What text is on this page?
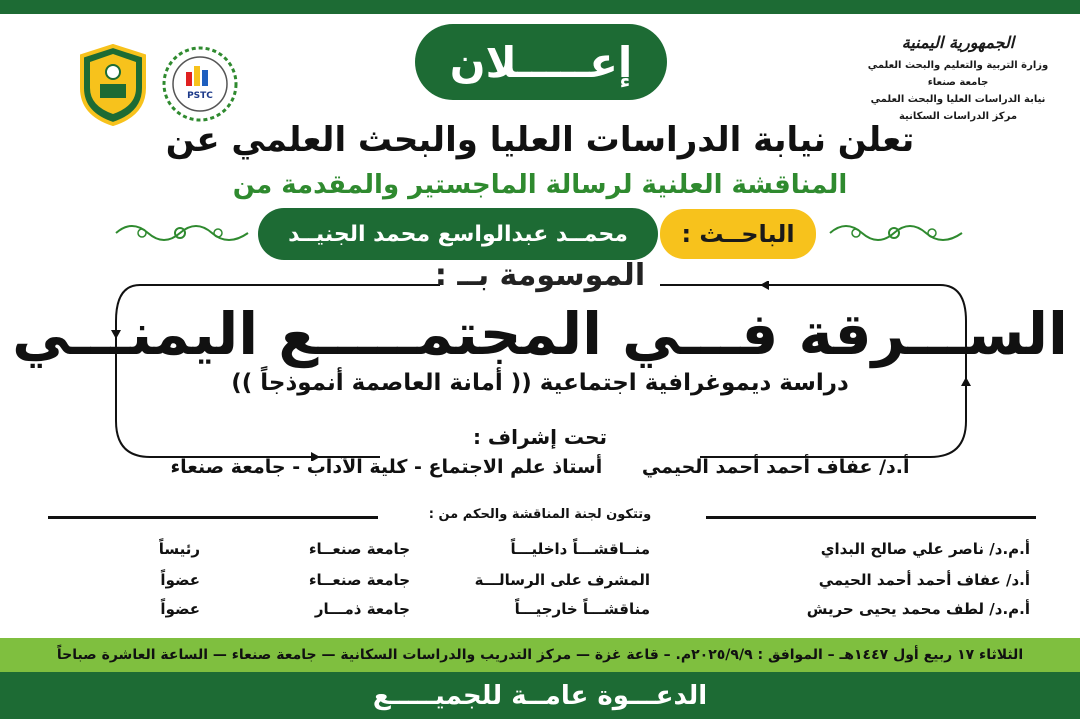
الجمهورية اليمنية
وزارة التربية والتعليم والبحث العلمي
جامعة صنعاء
نيابة الدراسات العليا والبحث العلمي
مركز الدراسات السكانية
PSTC
إعـــــلان
تعلن نيابة الدراسات العليا والبحث العلمي عن
المناقشة العلنية لرسالة الماجستير والمقدمة من
الباحــث :
محمــد عبدالواسع محمد الجنيــد
الموسومة بــ :
الســـرقة فـــي المجتمـــــع اليمنـــي
دراسة ديموغرافية اجتماعية (( أمانة العاصمة أنموذجاً ))
تحت إشراف :
أ.د/ عفاف أحمد أحمد الحيمي      أستاذ علم الاجتماع - كلية الآداب - جامعة صنعاء
وتتكون لجنة المناقشة والحكم من :
أ.م.د/ ناصر علي صالح البداي
منــاقشـــاً داخليـــاً
جامعة صنعــاء
رئيساً
أ.د/ عفاف أحمد أحمد الحيمي
المشرف على الرسالـــة
جامعة صنعــاء
عضواً
أ.م.د/ لطف محمد يحيى حريش
مناقشـــاً خارجيـــاً
جامعة ذمـــار
عضواً
الثلاثاء ١٧ ربيع أول ١٤٤٧هـ – الموافق : ٢٠٢٥/٩/٩م. – قاعة غزة — مركز التدريب والدراسات السكانية — جامعة صنعاء — الساعة العاشرة صباحاً
الدعـــوة عامــة للجميـــــع
